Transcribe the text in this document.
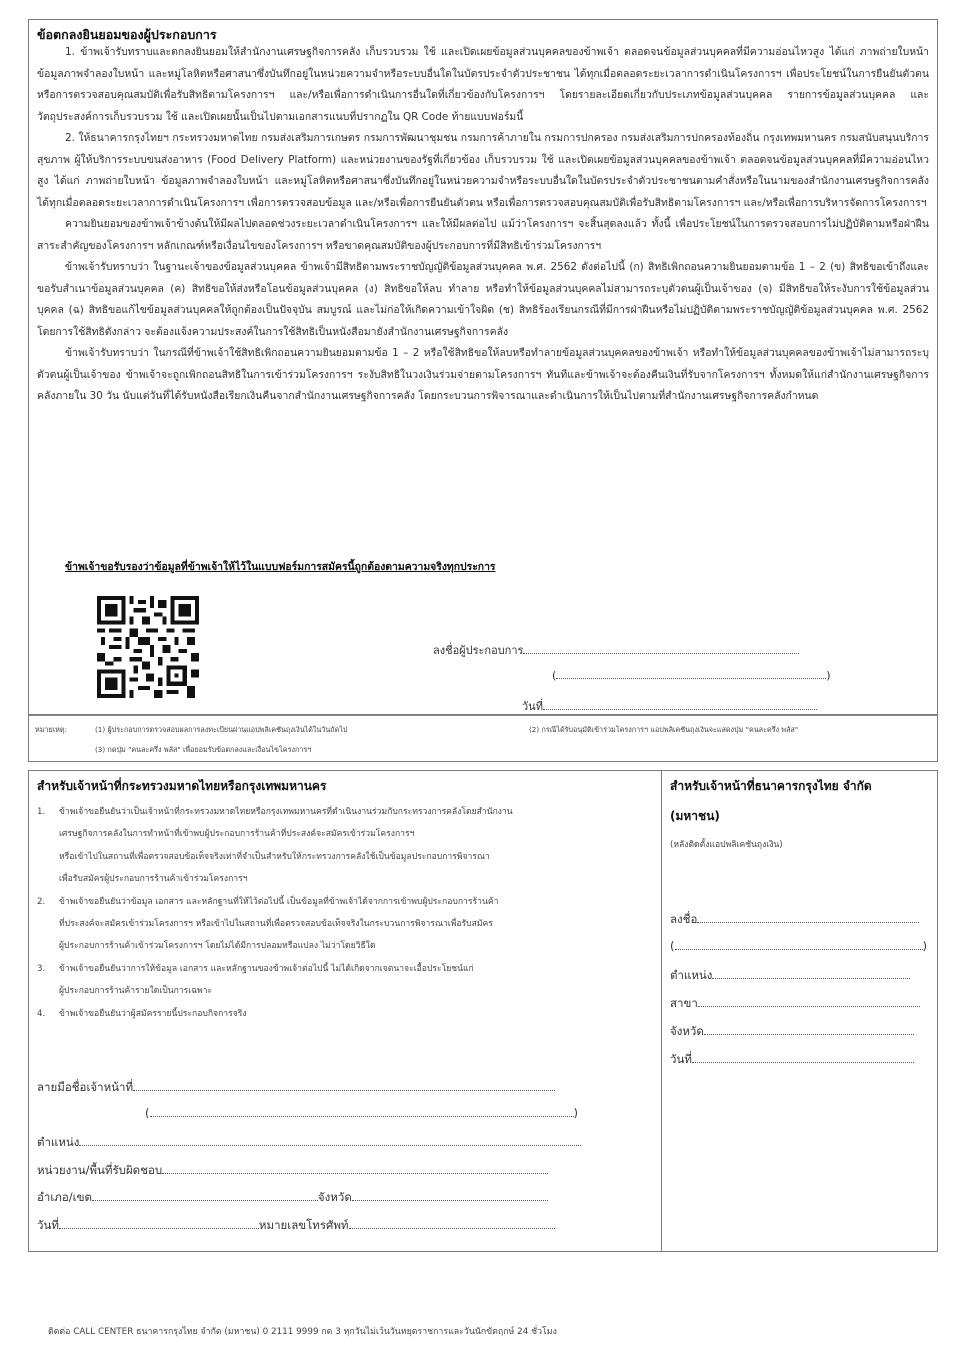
ข้อตกลงยินยอมของผู้ประกอบการ

1. ข้าพเจ้ารับทราบและตกลงยินยอมให้สำนักงานเศรษฐกิจการคลัง เก็บรวบรวม ใช้ และเปิดเผยข้อมูลส่วนบุคคลของข้าพเจ้า ตลอดจนข้อมูลส่วนบุคคลที่มีความอ่อนไหวสูง ได้แก่ ภาพถ่ายใบหน้า ข้อมูลภาพจำลองใบหน้า และหมู่โลหิตหรือศาสนาซึ่งบันทึกอยู่ในหน่วยความจำหรือระบบอื่นใดในบัตรประจำตัวประชาชน ได้ทุกเมื่อตลอดระยะเวลาการดำเนินโครงการฯ เพื่อประโยชน์ในการยืนยันตัวตนหรือการตรวจสอบคุณสมบัติเพื่อรับสิทธิตามโครงการฯ และ/หรือเพื่อการดำเนินการอื่นใดที่เกี่ยวข้องกับโครงการฯ โดยรายละเอียดเกี่ยวกับประเภทข้อมูลส่วนบุคคล รายการข้อมูลส่วนบุคคล และวัตถุประสงค์การเก็บรวบรวม ใช้ และเปิดเผยนั้นเป็นไปตามเอกสารแนบที่ปรากฏใน QR Code ท้ายแบบฟอร์มนี้

2. ให้ธนาคารกรุงไทยฯ กระทรวงมหาดไทย กรมส่งเสริมการเกษตร กรมการพัฒนาชุมชน กรมการค้าภายใน กรมการปกครอง กรมส่งเสริมการปกครองท้องถิ่น กรุงเทพมหานคร กรมสนับสนุนบริการสุขภาพ ผู้ให้บริการระบบขนส่งอาหาร (Food Delivery Platform) และหน่วยงานของรัฐที่เกี่ยวข้อง เก็บรวบรวม ใช้ และเปิดเผยข้อมูลส่วนบุคคลของข้าพเจ้า ตลอดจนข้อมูลส่วนบุคคลที่มีความอ่อนไหวสูง ได้แก่ ภาพถ่ายใบหน้า ข้อมูลภาพจำลองใบหน้า และหมู่โลหิตหรือศาสนาซึ่งบันทึกอยู่ในหน่วยความจำหรือระบบอื่นใดในบัตรประจำตัวประชาชนตามคำสั่งหรือในนามของสำนักงานเศรษฐกิจการคลัง ได้ทุกเมื่อตลอดระยะเวลาการดำเนินโครงการฯ เพื่อการตรวจสอบข้อมูล และ/หรือเพื่อการยืนยันตัวตน หรือเพื่อการตรวจสอบคุณสมบัติเพื่อรับสิทธิตามโครงการฯ และ/หรือเพื่อการบริหารจัดการโครงการฯ

ความยินยอมของข้าพเจ้าข้างต้นให้มีผลไปตลอดช่วงระยะเวลาดำเนินโครงการฯ และให้มีผลต่อไป แม้ว่าโครงการฯ จะสิ้นสุดลงแล้ว ทั้งนี้ เพื่อประโยชน์ในการตรวจสอบการไม่ปฏิบัติตามหรือฝ่าฝืนสาระสำคัญของโครงการฯ หลักเกณฑ์หรือเงื่อนไขของโครงการฯ หรือขาดคุณสมบัติของผู้ประกอบการที่มีสิทธิเข้าร่วมโครงการฯ

ข้าพเจ้ารับทราบว่า ในฐานะเจ้าของข้อมูลส่วนบุคคล ข้าพเจ้ามีสิทธิตามพระราชบัญญัติข้อมูลส่วนบุคคล พ.ศ. 2562 ดังต่อไปนี้ (ก) สิทธิเพิกถอนความยินยอมตามข้อ 1 – 2 (ข) สิทธิขอเข้าถึงและขอรับสำเนาข้อมูลส่วนบุคคล (ค) สิทธิขอให้ส่งหรือโอนข้อมูลส่วนบุคคล (ง) สิทธิขอให้ลบ ทำลาย หรือทำให้ข้อมูลส่วนบุคคลไม่สามารถระบุตัวตนผู้เป็นเจ้าของ (จ) มีสิทธิขอให้ระงับการใช้ข้อมูลส่วนบุคคล (ฉ) สิทธิขอแก้ไขข้อมูลส่วนบุคคลให้ถูกต้องเป็นปัจจุบัน สมบูรณ์ และไม่ก่อให้เกิดความเข้าใจผิด (ช) สิทธิร้องเรียนกรณีที่มีการฝ่าฝืนหรือไม่ปฏิบัติตามพระราชบัญญัติข้อมูลส่วนบุคคล พ.ศ. 2562 โดยการใช้สิทธิดังกล่าว จะต้องแจ้งความประสงค์ในการใช้สิทธิเป็นหนังสือมายังสำนักงานเศรษฐกิจการคลัง

ข้าพเจ้ารับทราบว่า ในกรณีที่ข้าพเจ้าใช้สิทธิเพิกถอนความยินยอมตามข้อ 1 – 2 หรือใช้สิทธิขอให้ลบหรือทำลายข้อมูลส่วนบุคคลของข้าพเจ้า หรือทำให้ข้อมูลส่วนบุคคลของข้าพเจ้าไม่สามารถระบุตัวตนผู้เป็นเจ้าของ ข้าพเจ้าจะถูกเพิกถอนสิทธิในการเข้าร่วมโครงการฯ ระงับสิทธิในวงเงินร่วมจ่ายตามโครงการฯ ทันทีและข้าพเจ้าจะต้องคืนเงินที่รับจากโครงการฯ ทั้งหมดให้แก่สำนักงานเศรษฐกิจการคลังภายใน 30 วัน นับแต่วันที่ได้รับหนังสือเรียกเงินคืนจากสำนักงานเศรษฐกิจการคลัง โดยกระบวนการพิจารณาและดำเนินการให้เป็นไปตามที่สำนักงานเศรษฐกิจการคลังกำหนด

ข้าพเจ้าขอรับรองว่าข้อมูลที่ข้าพเจ้าให้ไว้ในแบบฟอร์มการสมัครนี้ถูกต้องตามความจริงทุกประการ
ลงชื่อผู้ประกอบการ
(	)
วันที่
หมายเหตุ:	(1) ผู้ประกอบการตรวจสอบผลการลงทะเบียนผ่านแอปพลิเคชันถุงเงินได้ในวันถัดไป	(2) กรณีได้รับอนุมัติเข้าร่วมโครงการฯ แอปพลิเคชันถุงเงินจะแสดงปุ่ม "คนละครึ่ง พลัส"
(3) กดปุ่ม "คนละครึ่ง พลัส" เพื่อยอมรับข้อตกลงและเงื่อนไขโครงการฯ
สำหรับเจ้าหน้าที่กระทรวงมหาดไทยหรือกรุงเทพมหานคร
1. ข้าพเจ้าขอยืนยันว่าเป็นเจ้าหน้าที่กระทรวงมหาดไทยหรือกรุงเทพมหานครที่ดำเนินงานร่วมกับกระทรวงการคลังโดยสำนักงาน
เศรษฐกิจการคลังในการทำหน้าที่เข้าพบผู้ประกอบการร้านค้าที่ประสงค์จะสมัครเข้าร่วมโครงการฯ
หรือเข้าไปในสถานที่เพื่อตรวจสอบข้อเท็จจริงเท่าที่จำเป็นสำหรับให้กระทรวงการคลังใช้เป็นข้อมูลประกอบการพิจารณา
เพื่อรับสมัครผู้ประกอบการร้านค้าเข้าร่วมโครงการฯ
2. ข้าพเจ้าขอยืนยันว่าข้อมูล เอกสาร และหลักฐานที่ให้ไว้ต่อไปนี้ เป็นข้อมูลที่ข้าพเจ้าได้จากการเข้าพบผู้ประกอบการร้านค้า
ที่ประสงค์จะสมัครเข้าร่วมโครงการฯ หรือเข้าไปในสถานที่เพื่อตรวจสอบข้อเท็จจริงในกระบวนการพิจารณาเพื่อรับสมัคร
ผู้ประกอบการร้านค้าเข้าร่วมโครงการฯ โดยไม่ได้มีการปลอมหรือแปลง ไม่ว่าโดยวิธีใด
3. ข้าพเจ้าขอยืนยันว่าการให้ข้อมูล เอกสาร และหลักฐานของข้าพเจ้าต่อไปนี้ ไม่ได้เกิดจากเจตนาจะเอื้อประโยชน์แก่
ผู้ประกอบการร้านค้ารายใดเป็นการเฉพาะ
4. ข้าพเจ้าขอยืนยันว่าผู้สมัครรายนี้ประกอบกิจการจริง
ลายมือชื่อเจ้าหน้าที่
(	)
ตำแหน่ง
หน่วยงาน/พื้นที่รับผิดชอบ
อำเภอ/เขต	จังหวัด
วันที่	หมายเลขโทรศัพท์
สำหรับเจ้าหน้าที่ธนาคารกรุงไทย จำกัด
(มหาชน)
(หลังติดตั้งแอปพลิเคชันถุงเงิน)
ลงชื่อ
(	)
ตำแหน่ง
สาขา
จังหวัด
วันที่
ติดต่อ CALL CENTER ธนาคารกรุงไทย จำกัด (มหาชน) 0 2111 9999 กด 3 ทุกวันไม่เว้นวันหยุดราชการและวันนักขัตฤกษ์ 24 ชั่วโมง
